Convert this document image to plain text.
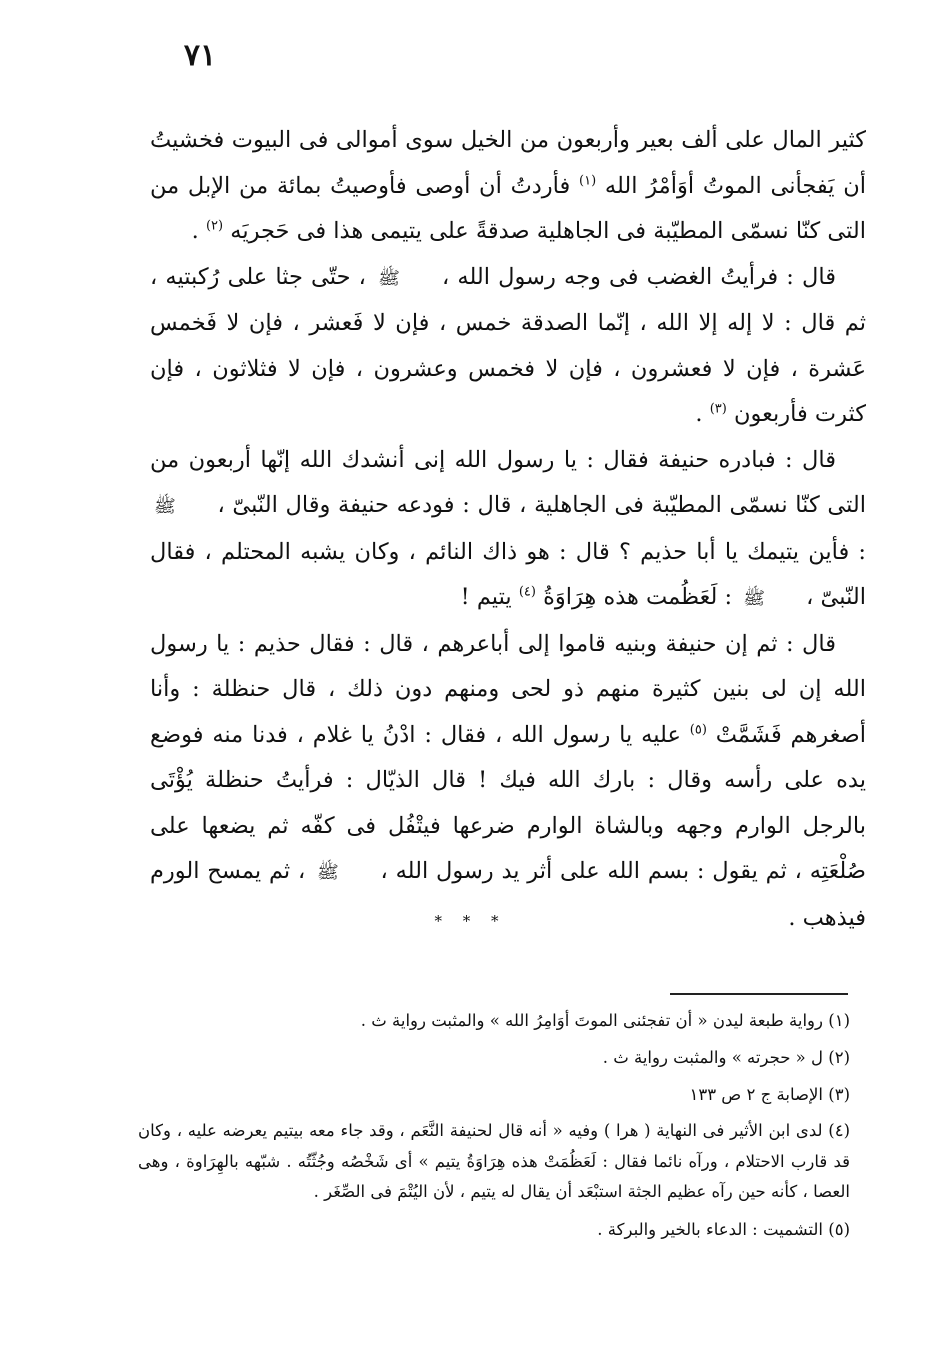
٧١

كثير المال على ألف بعير وأربعون من الخيل سوى أموالى فى البيوت فخشيتُ أن يَفجأنى الموتُ أوَأمْرُ الله $^{(١)}$ فأردتُ أن أوصى فأوصيتُ بمائة من الإبل من التى كنّا نسمّى المطيّبة فى الجاهلية صدقةً على يتيمى هذا فى حَجريَه $^{(٢)}$ .

قال : فرأيتُ الغضب فى وجه رسول الله ، ﷺ ، حتّى جثا على رُكبتيه ، ثم قال : لا إله إلا الله ، إنّما الصدقة خمس ، فإن لا فَعشر ، فإن لا فَخمس عَشرة ، فإن لا فعشرون ، فإن لا فخمس وعشرون ، فإن لا فثلاثون ، فإن كثرت فأربعون $^{(٣)}$ .

قال : فبادره حنيفة فقال : يا رسول الله إنى أنشدك الله إنّها أربعون من التى كنّا نسمّى المطيّبة فى الجاهلية ، قال : فودعه حنيفة وقال النّبىّ ، ﷺ : فأين يتيمك يا أبا حذيم ؟ قال : هو ذاك النائم ، وكان يشبه المحتلم ، فقال النّبىّ ، ﷺ : لَعَظُمت هذه هِرَاوَةُ $^{(٤)}$ يتيم !

قال : ثم إن حنيفة وبنيه قاموا إلى أباعرهم ، قال : فقال حذيم : يا رسول الله إن لى بنين كثيرة منهم ذو لحى ومنهم دون ذلك ، قال حنظلة : وأنا أصغرهم فَشَمَّتْ $^{(٥)}$ عليه يا رسول الله ، فقال : ادْنُ يا غلام ، فدنا منه فوضع يده على رأسه وقال : بارك الله فيك ! قال الذيّال : فرأيتُ حنظلة يُؤْتَى بالرجل الوارم وجهه وبالشاة الوارم ضرعها فيتْفُل فى كفّه ثم يضعها على صُلْعَتِه ، ثم يقول : بسم الله على أثر يد رسول الله ، ﷺ ، ثم يمسح الورم فيذهب .

* * *

(١) رواية طبعة ليدن « أن تفجئنى الموتَ أوَامِرُ الله » والمثبت رواية ث .

(٢) ل « حجرته » والمثبت رواية ث .

(٣) الإصابة ج ٢ ص ١٣٣

(٤) لدى ابن الأثير فى النهاية ( هرا ) وفيه « أنه قال لحنيفة النَّعَم ، وقد جاء معه بيتيم يعرضه عليه ، وكان قد قارب الاحتلام ، ورآه نائما فقال : لَعَظُمَتْ هذه هِرَاوَةُ يتيم » أى شَخْصُه وجُثّتُه . شبّهه بالهِرَاوة ، وهى العصا ، كأنه حين رآه عظيم الجثة استبْعَد أن يقال له يتيم ، لأن اليُتْمَ فى الصِّغَر .

(٥) التشميت : الدعاء بالخير والبركة .
